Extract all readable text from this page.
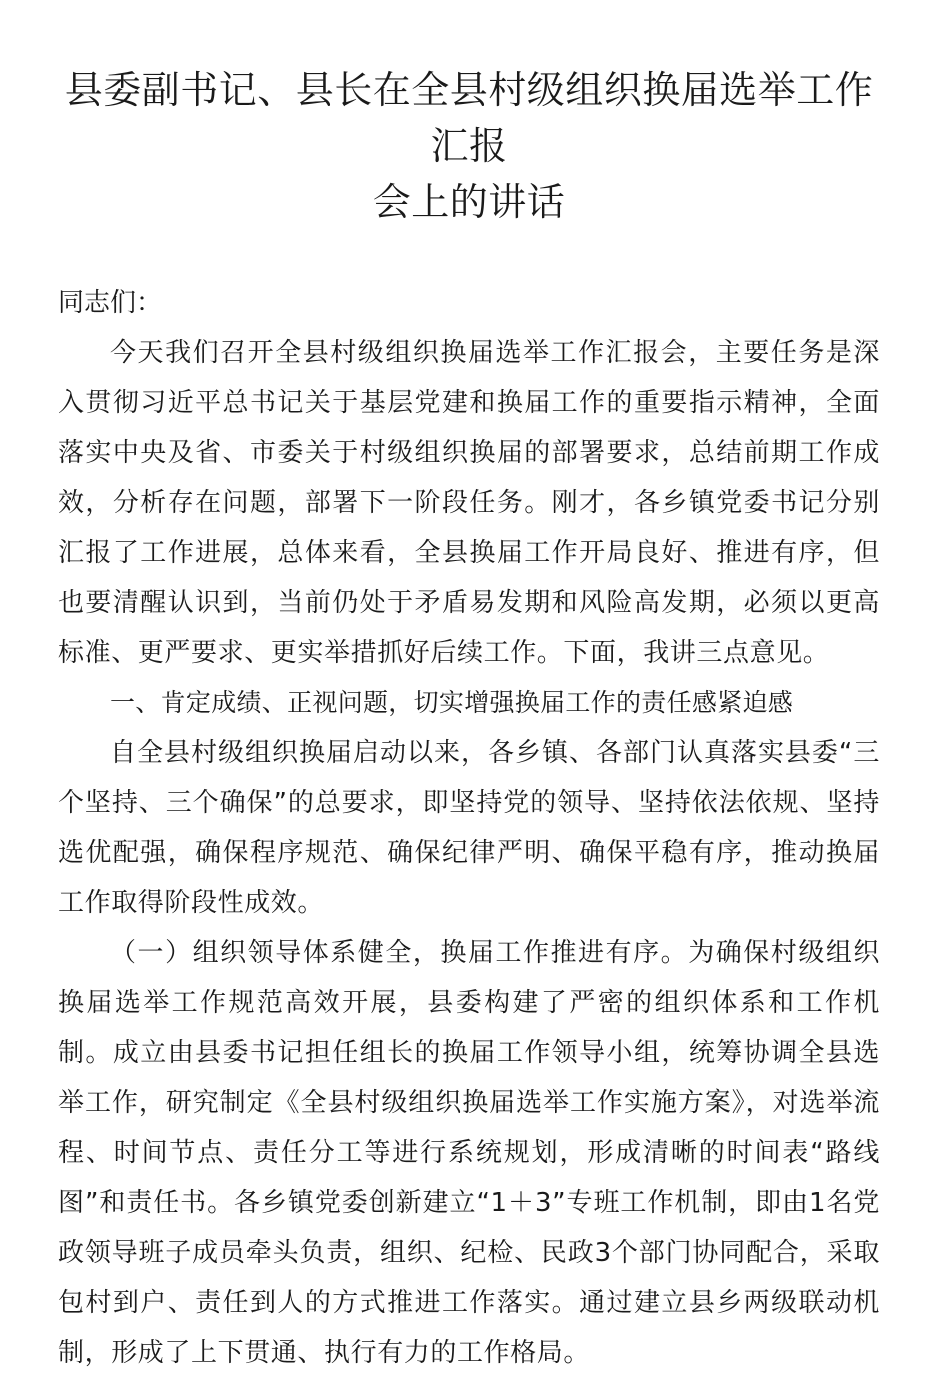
县委副书记、县长在全县村级组织换届选举工作汇报
会上的讲话

同志们：

今天我们召开全县村级组织换届选举工作汇报会，主要任务是深入贯彻习近平总书记关于基层党建和换届工作的重要指示精神，全面落实中央及省、市委关于村级组织换届的部署要求，总结前期工作成效，分析存在问题，部署下一阶段任务。刚才，各乡镇党委书记分别汇报了工作进展，总体来看，全县换届工作开局良好、推进有序，但也要清醒认识到，当前仍处于矛盾易发期和风险高发期，必须以更高标准、更严要求、更实举措抓好后续工作。下面，我讲三点意见。

一、肯定成绩、正视问题，切实增强换届工作的责任感紧迫感

自全县村级组织换届启动以来，各乡镇、各部门认真落实县委“三个坚持、三个确保”的总要求，即坚持党的领导、坚持依法依规、坚持选优配强，确保程序规范、确保纪律严明、确保平稳有序，推动换届工作取得阶段性成效。

（一）组织领导体系健全，换届工作推进有序。为确保村级组织换届选举工作规范高效开展，县委构建了严密的组织体系和工作机制。成立由县委书记担任组长的换届工作领导小组，统筹协调全县选举工作，研究制定《全县村级组织换届选举工作实施方案》，对选举流程、时间节点、责任分工等进行系统规划，形成清晰的时间表“路线图”和责任书。各乡镇党委创新建立“1＋3”专班工作机制，即由1名党政领导班子成员牵头负责，组织、纪检、民政3个部门协同配合，采取包村到户、责任到人的方式推进工作落实。通过建立县乡两级联动机制，形成了上下贯通、执行有力的工作格局。
